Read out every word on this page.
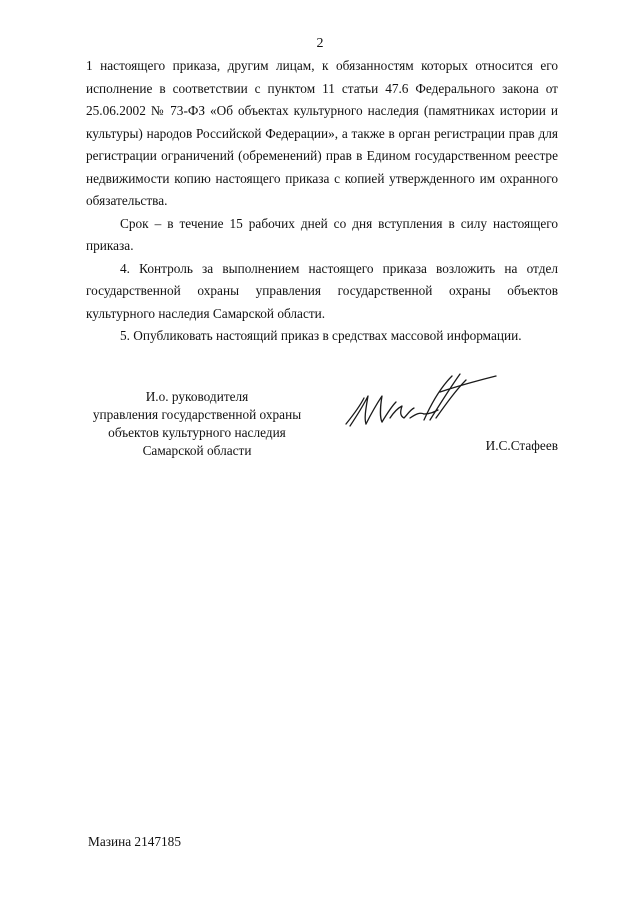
2

1 настоящего приказа, другим лицам, к обязанностям которых относится его исполнение в соответствии с пунктом 11 статьи 47.6 Федерального закона от 25.06.2002 № 73-ФЗ «Об объектах культурного наследия (памятниках истории и культуры) народов Российской Федерации», а также в орган регистрации прав для регистрации ограничений (обременений) прав в Едином государственном реестре недвижимости копию настоящего приказа с копией утвержденного им охранного обязательства.

Срок – в течение 15 рабочих дней со дня вступления в силу настоящего приказа.

4. Контроль за выполнением настоящего приказа возложить на отдел государственной охраны управления государственной охраны объектов культурного наследия Самарской области.

5. Опубликовать настоящий приказ в средствах массовой информации.

И.о. руководителя
управления государственной охраны
объектов культурного наследия
Самарской области	И.С.Стафеев
Мазина 2147185
